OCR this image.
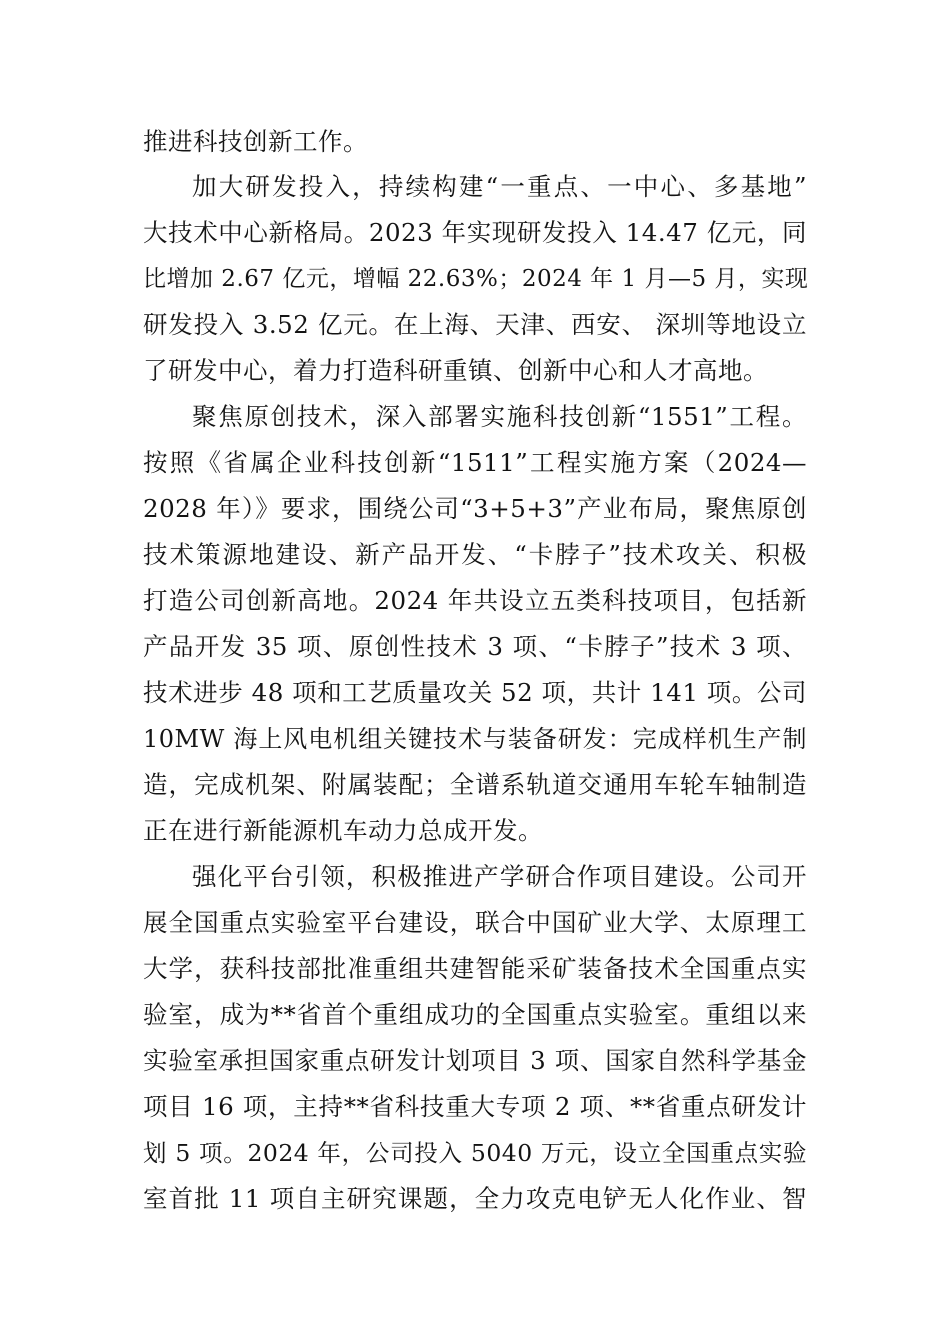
推进科技创新工作。
加大研发投入，持续构建“一重点、一中心、多基地”
大技术中心新格局。2023 年实现研发投入 14.47 亿元，同
比增加 2.67 亿元，增幅 22.63%；2024 年 1 月—5 月，实现
研发投入 3.52 亿元。在上海、天津、西安、 深圳等地设立
了研发中心，着力打造科研重镇、创新中心和人才高地。
聚焦原创技术，深入部署实施科技创新“1551”工程。
按照《省属企业科技创新“1511”工程实施方案（2024—
2028 年）》要求，围绕公司“3+5+3”产业布局，聚焦原创
技术策源地建设、新产品开发、“卡脖子”技术攻关、积极
打造公司创新高地。2024 年共设立五类科技项目，包括新
产品开发 35 项、原创性技术 3 项、“卡脖子”技术 3 项、
技术进步 48 项和工艺质量攻关 52 项，共计 141 项。公司
10MW 海上风电机组关键技术与装备研发：完成样机生产制
造，完成机架、附属装配；全谱系轨道交通用车轮车轴制造
正在进行新能源机车动力总成开发。
强化平台引领，积极推进产学研合作项目建设。公司开
展全国重点实验室平台建设，联合中国矿业大学、太原理工
大学，获科技部批准重组共建智能采矿装备技术全国重点实
验室，成为**省首个重组成功的全国重点实验室。重组以来
实验室承担国家重点研发计划项目 3 项、国家自然科学基金
项目 16 项，主持**省科技重大专项 2 项、**省重点研发计
划 5 项。2024 年，公司投入 5040 万元，设立全国重点实验
室首批 11 项自主研究课题，全力攻克电铲无人化作业、智
